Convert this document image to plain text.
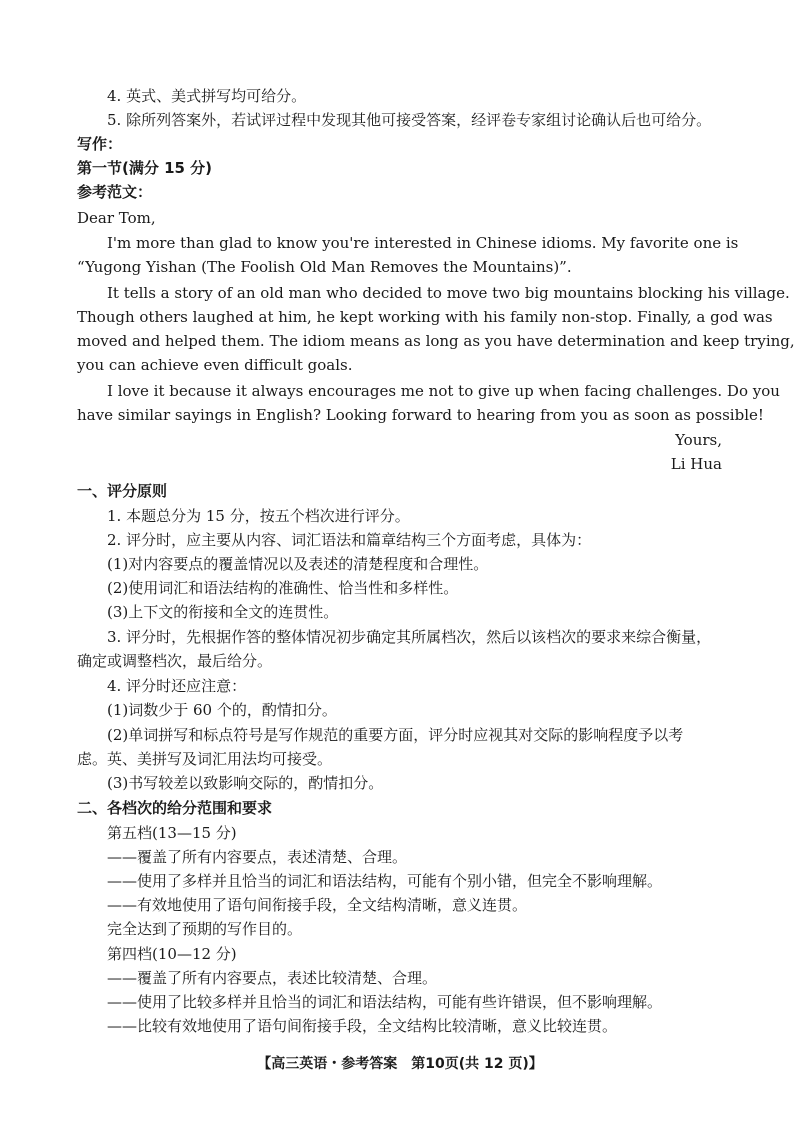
4. 英式、美式拼写均可给分。
5. 除所列答案外，若试评过程中发现其他可接受答案，经评卷专家组讨论确认后也可给分。
写作：
第一节(满分 15 分)
参考范文：
Dear Tom,
I'm more than glad to know you're interested in Chinese idioms. My favorite one is
“Yugong Yishan (The Foolish Old Man Removes the Mountains)”.
It tells a story of an old man who decided to move two big mountains blocking his village.
Though others laughed at him, he kept working with his family non-stop. Finally, a god was
moved and helped them. The idiom means as long as you have determination and keep trying,
you can achieve even difficult goals.
I love it because it always encourages me not to give up when facing challenges. Do you
have similar sayings in English? Looking forward to hearing from you as soon as possible!
Yours,
Li Hua
一、评分原则
1. 本题总分为 15 分，按五个档次进行评分。
2. 评分时，应主要从内容、词汇语法和篇章结构三个方面考虑，具体为：
(1)对内容要点的覆盖情况以及表述的清楚程度和合理性。
(2)使用词汇和语法结构的准确性、恰当性和多样性。
(3)上下文的衔接和全文的连贯性。
3. 评分时，先根据作答的整体情况初步确定其所属档次，然后以该档次的要求来综合衡量，
确定或调整档次，最后给分。
4. 评分时还应注意：
(1)词数少于 60 个的，酌情扣分。
(2)单词拼写和标点符号是写作规范的重要方面，评分时应视其对交际的影响程度予以考
虑。英、美拼写及词汇用法均可接受。
(3)书写较差以致影响交际的，酌情扣分。
二、各档次的给分范围和要求
第五档(13—15 分)
——覆盖了所有内容要点，表述清楚、合理。
——使用了多样并且恰当的词汇和语法结构，可能有个别小错，但完全不影响理解。
——有效地使用了语句间衔接手段，全文结构清晰，意义连贯。
完全达到了预期的写作目的。
第四档(10—12 分)
——覆盖了所有内容要点，表述比较清楚、合理。
——使用了比较多样并且恰当的词汇和语法结构，可能有些许错误，但不影响理解。
——比较有效地使用了语句间衔接手段，全文结构比较清晰，意义比较连贯。
【高三英语・参考答案　第10页(共 12 页)】
